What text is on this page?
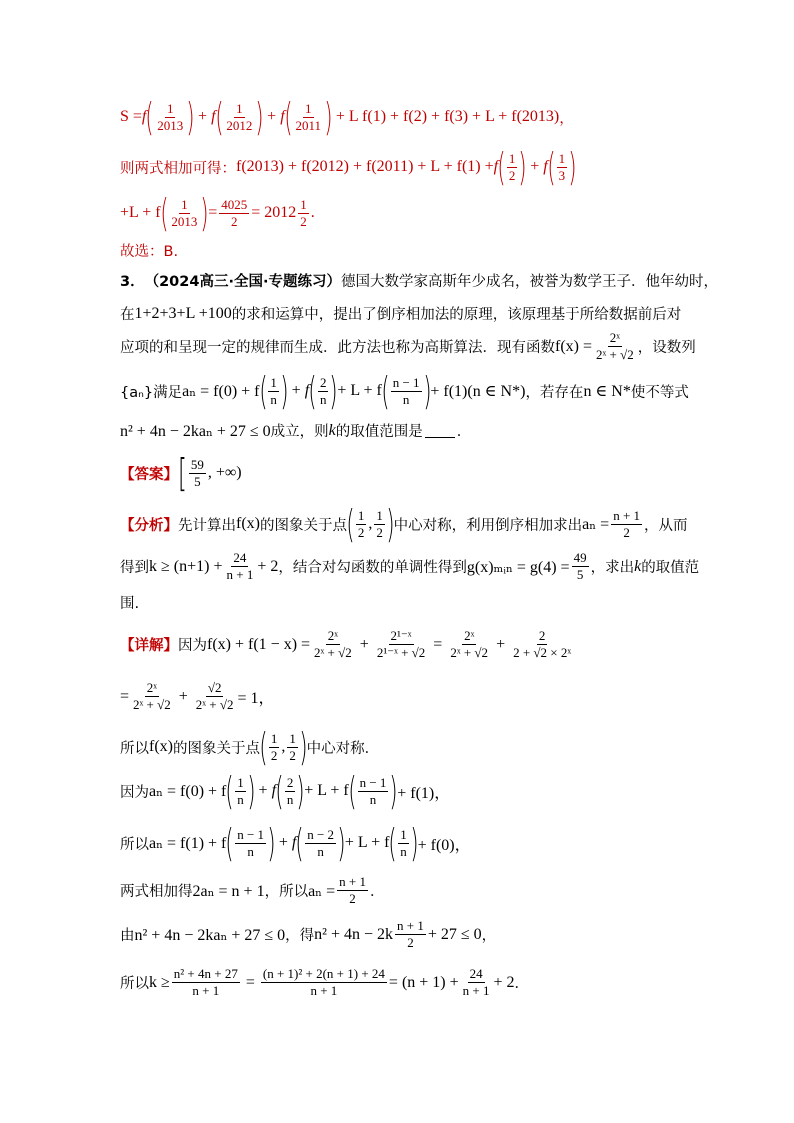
S = f ( $\frac{1}{2013}$ ) + f ( $\frac{1}{2012}$ ) + f ( $\frac{1}{2011}$ )
+ L f(1) + f(2) + f(3) + L + f(2013) ，
则两式相加可得： f(2013) + f(2012) + f(2011) + L + f(1) + f ( $\frac{1}{2}$ ) + f ( $\frac{1}{3}$ )
+L + f ( $\frac{1}{2013}$ ) = $\frac{4025}{2} = 2012 \frac{1}{2}$ .
故选：B.
3． （2024高三·全国·专题练习） 德国大数学家高斯年少成名，被誉为数学王子．他年幼时，
在 1+2+3+L +100 的求和运算中，提出了倒序相加法的原理，该原理基于所给数据前后对
应项的和呈现一定的规律而生成．此方法也称为高斯算法．现有函数 $f(x) = \frac{\text{2ˣ}}{\text{2ˣ + √2}}$ ，设数列
{aₙ}满足 aₙ = f(0) + f ( $\frac{1}{n}$ ) + f ( $\frac{2}{n}$ ) + L + f ( $\frac{n - 1}{n}$ ) + f(1)(n ∈ N*) ，若存在 n ∈ N* 使不等式
n² + 4n − 2kaₙ + 27 ≤ 0 成立，则 k 的取值范围是 ．
【答案】 [ $\frac{59}{5}$ , +∞)
【分析】 先计算出 f(x) 的图象关于点 ( $\frac{1}{2}$ , $\frac{1}{2}$ ) 中心对称，利用倒序相加求出 $a_n = \frac{n + 1}{2}$ ，从而
得到 $k \ge (n+1) + \frac{24}{n + 1} + 2$ ，结合对勾函数的单调性得到 g(x)ₘᵢₙ = $g(4) = \frac{49}{5}$ ，求出 k 的取值范
围.
【详解】 因为 $f(x) + f(1 - x) = \frac{\text{2ˣ}}{\text{2ˣ + √2}} + \frac{\text{2¹⁻ˣ}}{\text{2¹⁻ˣ + √2}} = \frac{\text{2ˣ}}{\text{2ˣ + √2}} + \frac{2}{\text{2 + √2 × 2ˣ}}$
= $\frac{\text{2ˣ}}{\text{2ˣ + √2}} + \frac{√2}{\text{2ˣ + √2}} = 1$，
所以 f(x) 的图象关于点 ( $\frac{1}{2}$ , $\frac{1}{2}$ ) 中心对称．
因为 aₙ = f(0) + f ( $\frac{1}{n}$ ) + f ( $\frac{2}{n}$ ) + L + f ( $\frac{n - 1}{n}$ ) + f(1)，
所以 aₙ = f(1) + f ( $\frac{n - 1}{n}$ ) + f ( $\frac{n - 2}{n}$ ) + L + f ( $\frac{1}{n}$ ) + f(0)，
两式相加得 2aₙ = n + 1 ，所以 $a_n = \frac{n + 1}{2}$ ．
由 n² + 4n − 2kaₙ + 27 ≤ 0 ，得 $n^2 + 4n - 2k \frac{n + 1}{2} + 27 \le 0$ ，
所以 $k \ge \frac{\text{n² + 4n + 27}}{n + 1} = \frac{\text{(n + 1)² + 2(n + 1) + 24}}{n + 1} = (n + 1) + \frac{24}{n + 1} + 2$ ．
